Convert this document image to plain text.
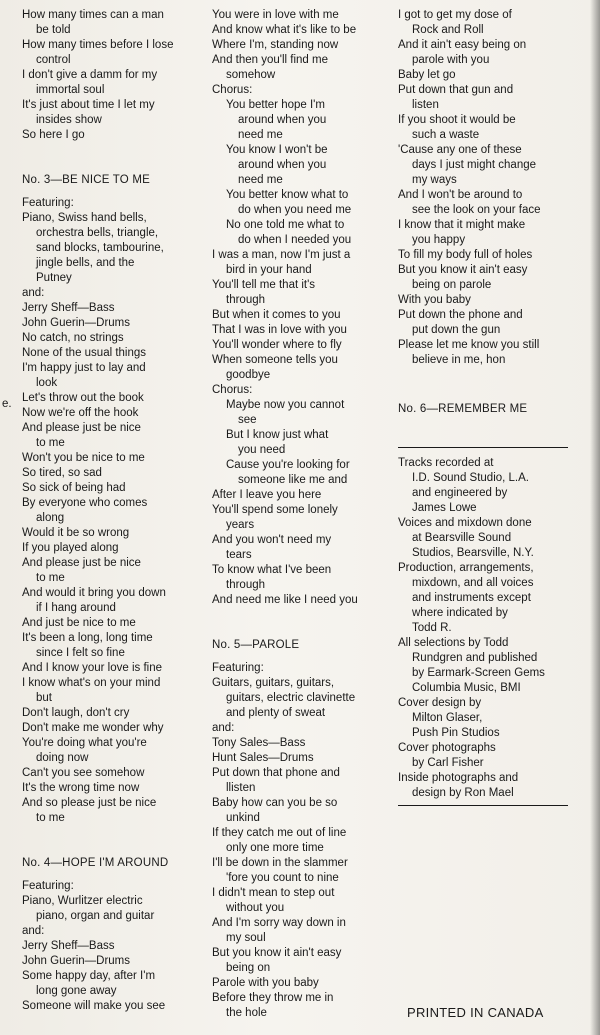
e.
How many times can a man
be told
How many times before I lose
control
I don't give a damm for my
immortal soul
It's just about time I let my
insides show
So here I go
No. 3—BE NICE TO ME
Featuring:
Piano, Swiss hand bells,
orchestra bells, triangle,
sand blocks, tambourine,
jingle bells, and the
Putney
and:
Jerry Sheff—Bass
John Guerin—Drums
No catch, no strings
None of the usual things
I'm happy just to lay and
look
Let's throw out the book
Now we're off the hook
And please just be nice
to me
Won't you be nice to me
So tired, so sad
So sick of being had
By everyone who comes
along
Would it be so wrong
If you played along
And please just be nice
to me
And would it bring you down
if I hang around
And just be nice to me
It's been a long, long time
since I felt so fine
And I know your love is fine
I know what's on your mind
but
Don't laugh, don't cry
Don't make me wonder why
You're doing what you're
doing now
Can't you see somehow
It's the wrong time now
And so please just be nice
to me
No. 4—HOPE I'M AROUND
Featuring:
Piano, Wurlitzer electric
piano, organ and guitar
and:
Jerry Sheff—Bass
John Guerin—Drums
Some happy day, after I'm
long gone away
Someone will make you see
You were in love with me
And know what it's like to be
Where I'm, standing now
And then you'll find me
somehow
Chorus:
You better hope I'm
around when you
need me
You know I won't be
around when you
need me
You better know what to
do when you need me
No one told me what to
do when I needed you
I was a man, now I'm just a
bird in your hand
You'll tell me that it's
through
But when it comes to you
That I was in love with you
You'll wonder where to fly
When someone tells you
goodbye
Chorus:
Maybe now you cannot
see
But I know just what
you need
Cause you're looking for
someone like me and
After I leave you here
You'll spend some lonely
years
And you won't need my
tears
To know what I've been
through
And need me like I need you
No. 5—PAROLE
Featuring:
Guitars, guitars, guitars,
guitars, electric clavinette
and plenty of sweat
and:
Tony Sales—Bass
Hunt Sales—Drums
Put down that phone and
llisten
Baby how can you be so
unkind
If they catch me out of line
only one more time
I'll be down in the slammer
'fore you count to nine
I didn't mean to step out
without you
And I'm sorry way down in
my soul
But you know it ain't easy
being on
Parole with you baby
Before they throw me in
the hole
I got to get my dose of
Rock and Roll
And it ain't easy being on
parole with you
Baby let go
Put down that gun and
listen
If you shoot it would be
such a waste
'Cause any one of these
days I just might change
my ways
And I won't be around to
see the look on your face
I know that it might make
you happy
To fill my body full of holes
But you know it ain't easy
being on parole
With you baby
Put down the phone and
put down the gun
Please let me know you still
believe in me, hon
No. 6—REMEMBER ME
Tracks recorded at
I.D. Sound Studio, L.A.
and engineered by
James Lowe
Voices and mixdown done
at Bearsville Sound
Studios, Bearsville, N.Y.
Production, arrangements,
mixdown, and all voices
and instruments except
where indicated by
Todd R.
All selections by Todd
Rundgren and published
by Earmark-Screen Gems
Columbia Music, BMI
Cover design by
Milton Glaser,
Push Pin Studios
Cover photographs
by Carl Fisher
Inside photographs and
design by Ron Mael
PRINTED IN CANADA
